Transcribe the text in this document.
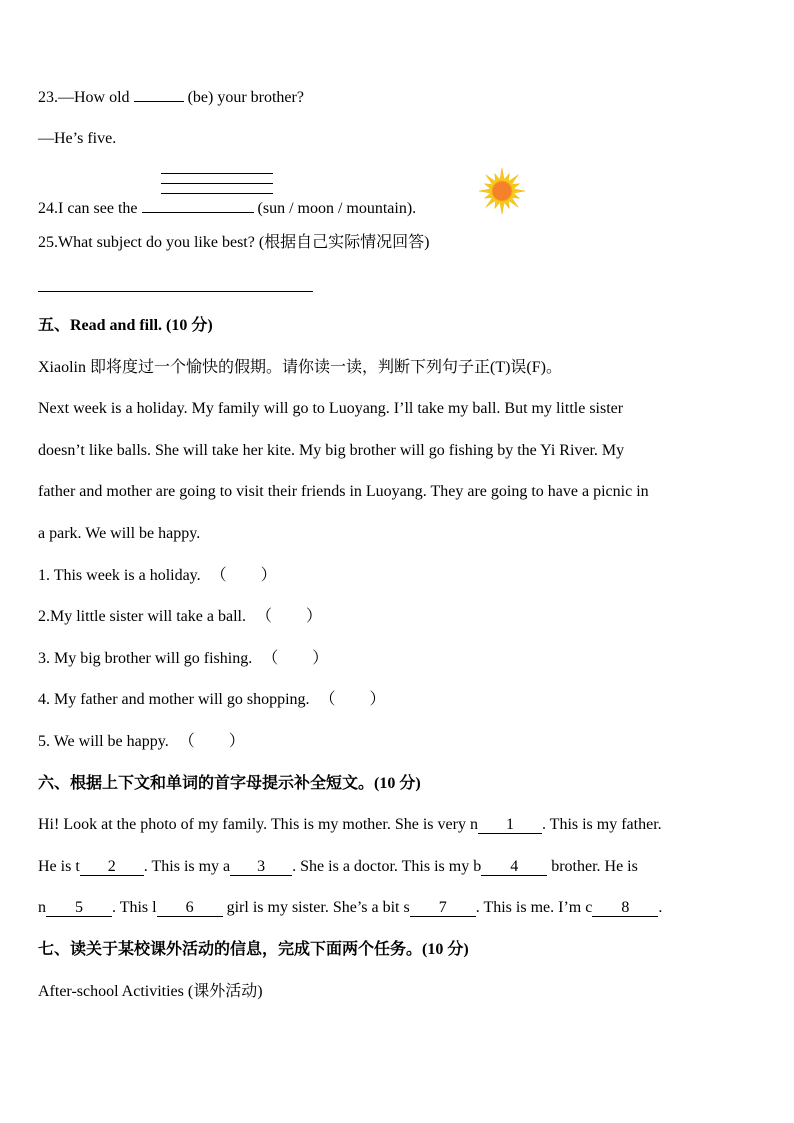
23.—How old	(be) your brother?
—He’s five.
24.I can see the	(sun / moon / mountain).
25.What subject do you like best? (根据自己实际情况回答)
五、Read and fill. (10 分)
Xiaolin 即将度过一个愉快的假期。请你读一读，判断下列句子正(T)误(F)。
Next week is a holiday. My family will go to Luoyang. I’ll take my ball. But my little sister
doesn’t like balls. She will take her kite. My big brother will go fishing by the Yi River. My
father and mother are going to visit their friends in Luoyang. They are going to have a picnic in
a park. We will be happy.
1. This week is a holiday. （ ）
2.My little sister will take a ball. （ ）
3. My big brother will go fishing. （ ）
4. My father and mother will go shopping. （ ）
5. We will be happy. （ ）
六、根据上下文和单词的首字母提示补全短文。(10 分)
Hi! Look at the photo of my family. This is my mother. She is very n 1 . This is my father.
He is t 2 . This is my a 3 . She is a doctor. This is my b 4 brother. He is
n 5 . This l 6 girl is my sister. She’s a bit s 7 . This is me. I’m c 8 .
七、读关于某校课外活动的信息，完成下面两个任务。(10 分)
After-school Activities (课外活动)
